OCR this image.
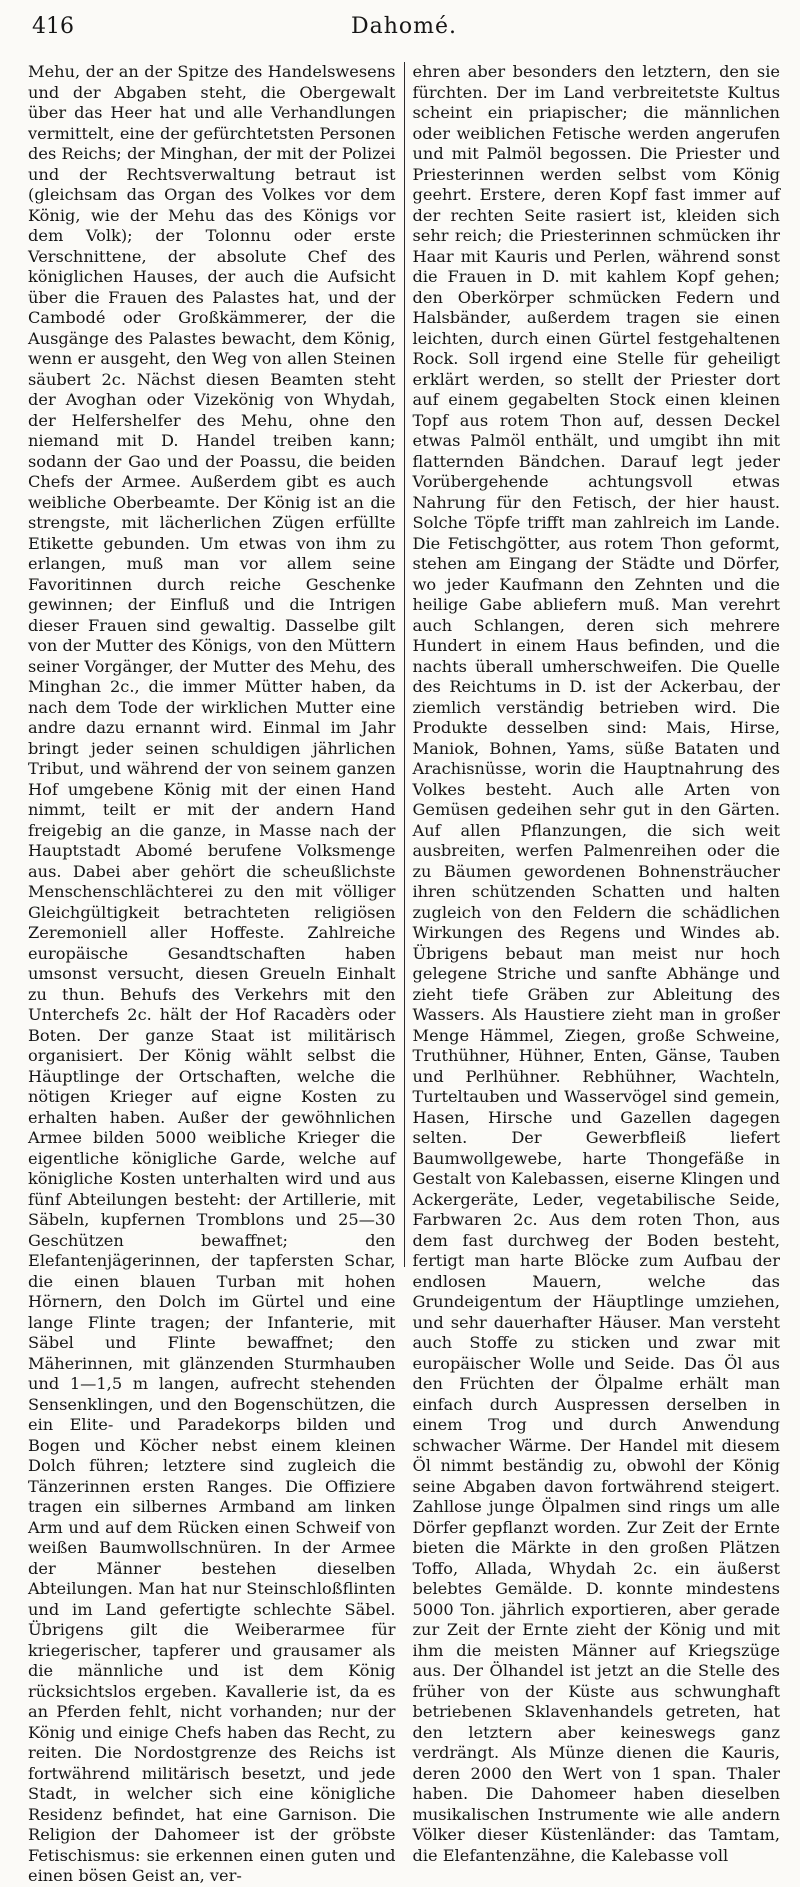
416	Dahomé.

Mehu, der an der Spitze des Handelswesens und der Abgaben steht, die Obergewalt über das Heer hat und alle Verhandlungen vermittelt, eine der gefürchtetsten Personen des Reichs; der Minghan, der mit der Polizei und der Rechtsverwaltung betraut ist (gleichsam das Organ des Volkes vor dem König, wie der Mehu das des Königs vor dem Volk); der Tolonnu oder erste Verschnittene, der absolute Chef des königlichen Hauses, der auch die Aufsicht über die Frauen des Palastes hat, und der Cambodé oder Großkämmerer, der die Ausgänge des Palastes bewacht, dem König, wenn er ausgeht, den Weg von allen Steinen säubert 2c. Nächst diesen Beamten steht der Avoghan oder Vizekönig von Whydah, der Helfershelfer des Mehu, ohne den niemand mit D. Handel treiben kann; sodann der Gao und der Poassu, die beiden Chefs der Armee. Außerdem gibt es auch weibliche Oberbeamte. Der König ist an die strengste, mit lächerlichen Zügen erfüllte Etikette gebunden. Um etwas von ihm zu erlangen, muß man vor allem seine Favoritinnen durch reiche Geschenke gewinnen; der Einfluß und die Intrigen dieser Frauen sind gewaltig. Dasselbe gilt von der Mutter des Königs, von den Müttern seiner Vorgänger, der Mutter des Mehu, des Minghan 2c., die immer Mütter haben, da nach dem Tode der wirklichen Mutter eine andre dazu ernannt wird. Einmal im Jahr bringt jeder seinen schuldigen jährlichen Tribut, und während der von seinem ganzen Hof umgebene König mit der einen Hand nimmt, teilt er mit der andern Hand freigebig an die ganze, in Masse nach der Hauptstadt Abomé berufene Volksmenge aus. Dabei aber gehört die scheußlichste Menschenschlächterei zu den mit völliger Gleichgültigkeit betrachteten religiösen Zeremoniell aller Hoffeste. Zahlreiche europäische Gesandtschaften haben umsonst versucht, diesen Greueln Einhalt zu thun. Behufs des Verkehrs mit den Unterchefs 2c. hält der Hof Racadèrs oder Boten. Der ganze Staat ist militärisch organisiert. Der König wählt selbst die Häuptlinge der Ortschaften, welche die nötigen Krieger auf eigne Kosten zu erhalten haben. Außer der gewöhnlichen Armee bilden 5000 weibliche Krieger die eigentliche königliche Garde, welche auf königliche Kosten unterhalten wird und aus fünf Abteilungen besteht: der Artillerie, mit Säbeln, kupfernen Tromblons und 25—30 Geschützen bewaffnet; den Elefantenjägerinnen, der tapfersten Schar, die einen blauen Turban mit hohen Hörnern, den Dolch im Gürtel und eine lange Flinte tragen; der Infanterie, mit Säbel und Flinte bewaffnet; den Mäherinnen, mit glänzenden Sturmhauben und 1—1,5 m langen, aufrecht stehenden Sensenklingen, und den Bogenschützen, die ein Elite- und Paradekorps bilden und Bogen und Köcher nebst einem kleinen Dolch führen; letztere sind zugleich die Tänzerinnen ersten Ranges. Die Offiziere tragen ein silbernes Armband am linken Arm und auf dem Rücken einen Schweif von weißen Baumwollschnüren. In der Armee der Männer bestehen dieselben Abteilungen. Man hat nur Steinschloßflinten und im Land gefertigte schlechte Säbel. Übrigens gilt die Weiberarmee für kriegerischer, tapferer und grausamer als die männliche und ist dem König rücksichtslos ergeben. Kavallerie ist, da es an Pferden fehlt, nicht vorhanden; nur der König und einige Chefs haben das Recht, zu reiten. Die Nordostgrenze des Reichs ist fortwährend militärisch besetzt, und jede Stadt, in welcher sich eine königliche Residenz befindet, hat eine Garnison. Die Religion der Dahomeer ist der gröbste Fetischismus: sie erkennen einen guten und einen bösen Geist an, ver-

ehren aber besonders den letztern, den sie fürchten. Der im Land verbreitetste Kultus scheint ein priapischer; die männlichen oder weiblichen Fetische werden angerufen und mit Palmöl begossen. Die Priester und Priesterinnen werden selbst vom König geehrt. Erstere, deren Kopf fast immer auf der rechten Seite rasiert ist, kleiden sich sehr reich; die Priesterinnen schmücken ihr Haar mit Kauris und Perlen, während sonst die Frauen in D. mit kahlem Kopf gehen; den Oberkörper schmücken Federn und Halsbänder, außerdem tragen sie einen leichten, durch einen Gürtel festgehaltenen Rock. Soll irgend eine Stelle für geheiligt erklärt werden, so stellt der Priester dort auf einem gegabelten Stock einen kleinen Topf aus rotem Thon auf, dessen Deckel etwas Palmöl enthält, und umgibt ihn mit flatternden Bändchen. Darauf legt jeder Vorübergehende achtungsvoll etwas Nahrung für den Fetisch, der hier haust. Solche Töpfe trifft man zahlreich im Lande. Die Fetischgötter, aus rotem Thon geformt, stehen am Eingang der Städte und Dörfer, wo jeder Kaufmann den Zehnten und die heilige Gabe abliefern muß. Man verehrt auch Schlangen, deren sich mehrere Hundert in einem Haus befinden, und die nachts überall umherschweifen. Die Quelle des Reichtums in D. ist der Ackerbau, der ziemlich verständig betrieben wird. Die Produkte desselben sind: Mais, Hirse, Maniok, Bohnen, Yams, süße Bataten und Arachisnüsse, worin die Hauptnahrung des Volkes besteht. Auch alle Arten von Gemüsen gedeihen sehr gut in den Gärten. Auf allen Pflanzungen, die sich weit ausbreiten, werfen Palmenreihen oder die zu Bäumen gewordenen Bohnensträucher ihren schützenden Schatten und halten zugleich von den Feldern die schädlichen Wirkungen des Regens und Windes ab. Übrigens bebaut man meist nur hoch gelegene Striche und sanfte Abhänge und zieht tiefe Gräben zur Ableitung des Wassers. Als Haustiere zieht man in großer Menge Hämmel, Ziegen, große Schweine, Truthühner, Hühner, Enten, Gänse, Tauben und Perlhühner. Rebhühner, Wachteln, Turteltauben und Wasservögel sind gemein, Hasen, Hirsche und Gazellen dagegen selten. Der Gewerbfleiß liefert Baumwollgewebe, harte Thongefäße in Gestalt von Kalebassen, eiserne Klingen und Ackergeräte, Leder, vegetabilische Seide, Farbwaren 2c. Aus dem roten Thon, aus dem fast durchweg der Boden besteht, fertigt man harte Blöcke zum Aufbau der endlosen Mauern, welche das Grundeigentum der Häuptlinge umziehen, und sehr dauerhafter Häuser. Man versteht auch Stoffe zu sticken und zwar mit europäischer Wolle und Seide. Das Öl aus den Früchten der Ölpalme erhält man einfach durch Auspressen derselben in einem Trog und durch Anwendung schwacher Wärme. Der Handel mit diesem Öl nimmt beständig zu, obwohl der König seine Abgaben davon fortwährend steigert. Zahllose junge Ölpalmen sind rings um alle Dörfer gepflanzt worden. Zur Zeit der Ernte bieten die Märkte in den großen Plätzen Toffo, Allada, Whydah 2c. ein äußerst belebtes Gemälde. D. konnte mindestens 5000 Ton. jährlich exportieren, aber gerade zur Zeit der Ernte zieht der König und mit ihm die meisten Männer auf Kriegszüge aus. Der Ölhandel ist jetzt an die Stelle des früher von der Küste aus schwunghaft betriebenen Sklavenhandels getreten, hat den letztern aber keineswegs ganz verdrängt. Als Münze dienen die Kauris, deren 2000 den Wert von 1 span. Thaler haben. Die Dahomeer haben dieselben musikalischen Instrumente wie alle andern Völker dieser Küstenländer: das Tamtam, die Elefantenzähne, die Kalebasse voll
